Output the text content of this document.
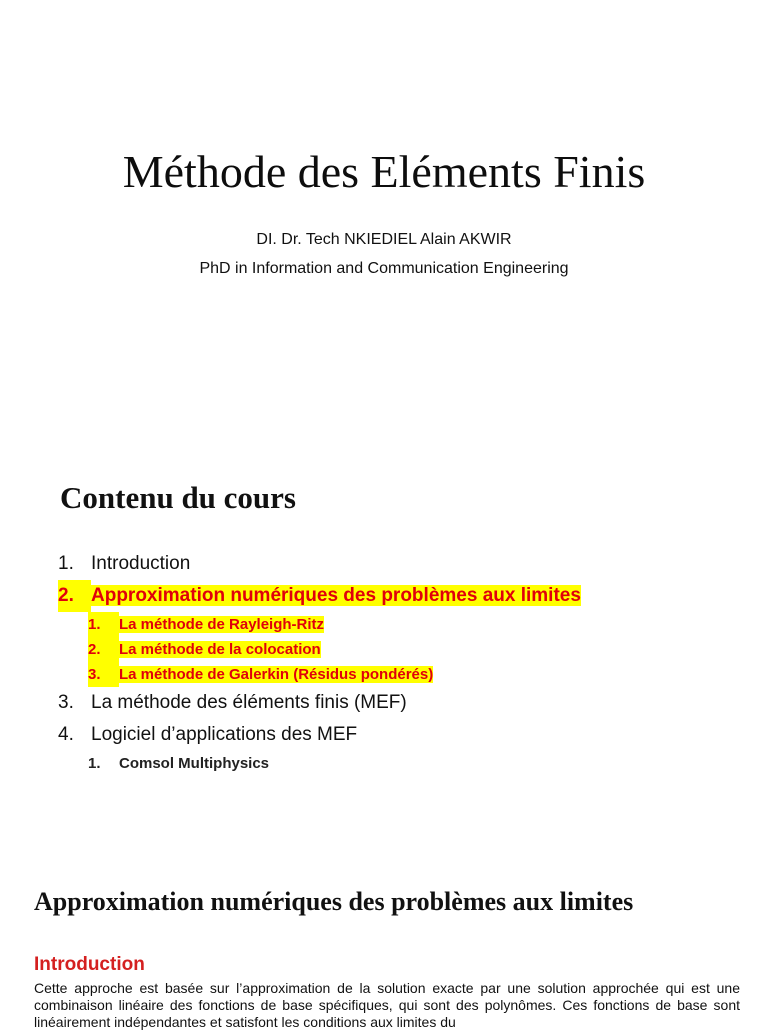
Méthode des Eléments Finis
DI. Dr. Tech NKIEDIEL Alain AKWIR
PhD in Information and Communication Engineering
Contenu du cours
1. Introduction
2. Approximation numériques des problèmes aux limites
1. La méthode de Rayleigh-Ritz
2. La méthode de la colocation
3. La méthode de Galerkin (Résidus pondérés)
3. La méthode des éléments finis (MEF)
4. Logiciel d’applications des MEF
1. Comsol Multiphysics
Approximation numériques des problèmes aux limites
Introduction

Cette approche est basée sur l’approximation de la solution exacte par une solution approchée qui est une combinaison linéaire des fonctions de base spécifiques, qui sont des polynômes. Ces fonctions de base sont linéairement indépendantes et satisfont les conditions aux limites du
